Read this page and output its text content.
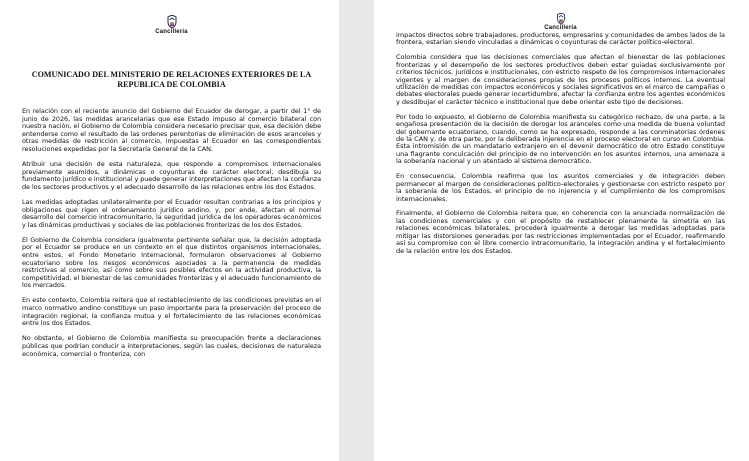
Cancillería
COMUNICADO DEL MINISTERIO DE RELACIONES EXTERIORES DE LA REPUBLICA DE COLOMBIA

En relación con el reciente anuncio del Gobierno del Ecuador de derogar, a partir del 1° de junio de 2026, las medidas arancelarias que ese Estado impuso al comercio bilateral con nuestra nación, el Gobierno de Colombia considera necesario precisar que, esa decisión debe entenderse como el resultado de las ordenes perentorias de eliminación de esos aranceles y otras medidas de restricción al comercio, impuestas al Ecuador en las correspondientes resoluciones expedidas por la Secretaría General de la CAN.

Atribuir una decisión de esta naturaleza, que responde a compromisos internacionales previamente asumidos, a dinámicas o coyunturas de carácter electoral, desdibuja su fundamento jurídico e institucional y puede generar interpretaciones que afectan la confianza de los sectores productivos y el adecuado desarrollo de las relaciones entre los dos Estados.

Las medidas adoptadas unilateralmente por el Ecuador resultan contrarias a los principios y obligaciones que rigen el ordenamiento jurídico andino, y, por ende, afectan el normal desarrollo del comercio intracomunitario, la seguridad jurídica de los operadores económicos y las dinámicas productivas y sociales de las poblaciones fronterizas de los dos Estados.

El Gobierno de Colombia considera igualmente pertinente señalar que, la decisión adoptada por el Ecuador se produce en un contexto en el que distintos organismos internacionales, entre estos, el Fondo Monetario Internacional, formularon observaciones al Gobierno ecuatoriano sobre los riesgos económicos asociados a la permanencia de medidas restrictivas al comercio, así como sobre sus posibles efectos en la actividad productiva, la competitividad, el bienestar de las comunidades fronterizas y el adecuado funcionamiento de los mercados.

En este contexto, Colombia reitera que el restablecimiento de las condiciones previstas en el marco normativo andino constituye un paso importante para la preservación del proceso de integración regional, la confianza mutua y el fortalecimiento de las relaciones económicas entre los dos Estados.

No obstante, el Gobierno de Colombia manifiesta su preocupación frente a declaraciones públicas que podrían conducir a interpretaciones, según las cuales, decisiones de naturaleza económica, comercial o fronteriza, con

Cancillería

impactos directos sobre trabajadores, productores, empresarios y comunidades de ambos lados de la frontera, estarían siendo vinculadas a dinámicas o coyunturas de carácter político-electoral.

Colombia considera que las decisiones comerciales que afectan el bienestar de las poblaciones fronterizas y el desempeño de los sectores productivos deben estar guiadas exclusivamente por criterios técnicos, jurídicos e institucionales, con estricto respeto de los compromisos internacionales vigentes y al margen de consideraciones propias de los procesos políticos internos. La eventual utilización de medidas con impactos económicos y sociales significativos en el marco de campañas o debates electorales puede generar incertidumbre, afectar la confianza entre los agentes económicos y desdibujar el carácter técnico e institucional que debe orientar este tipo de decisiones.

Por todo lo expuesto, el Gobierno de Colombia manifiesta su categórico rechazo, de una parte, a la engañosa presentación de la decisión de derogar los aranceles como una medida de buena voluntad del gobernante ecuatoriano, cuando, como se ha expresado, responde a las conminatorias órdenes de la CAN y, de otra parte, por la deliberada injerencia en el proceso electoral en curso en Colombia. Esta intromisión de un mandatario extranjero en el devenir democrático de otro Estado constituye una flagrante conculcación del principio de no intervención en los asuntos internos, una amenaza a la soberanía nacional y un atentado al sistema democrático.

En consecuencia, Colombia reafirma que los asuntos comerciales y de integración deben permanecer al margen de consideraciones político-electorales y gestionarse con estricto respeto por la soberanía de los Estados, el principio de no injerencia y el cumplimiento de los compromisos internacionales.

Finalmente, el Gobierno de Colombia reitera que, en coherencia con la anunciada normalización de las condiciones comerciales y con el propósito de restablecer plenamente la simetría en las relaciones económicas bilaterales, procederá igualmente a derogar las medidas adoptadas para mitigar las distorsiones generadas por las restricciones implementadas por el Ecuador, reafirmando así su compromiso con el libre comercio intracomunitario, la integración andina y el fortalecimiento de la relación entre los dos Estados.
